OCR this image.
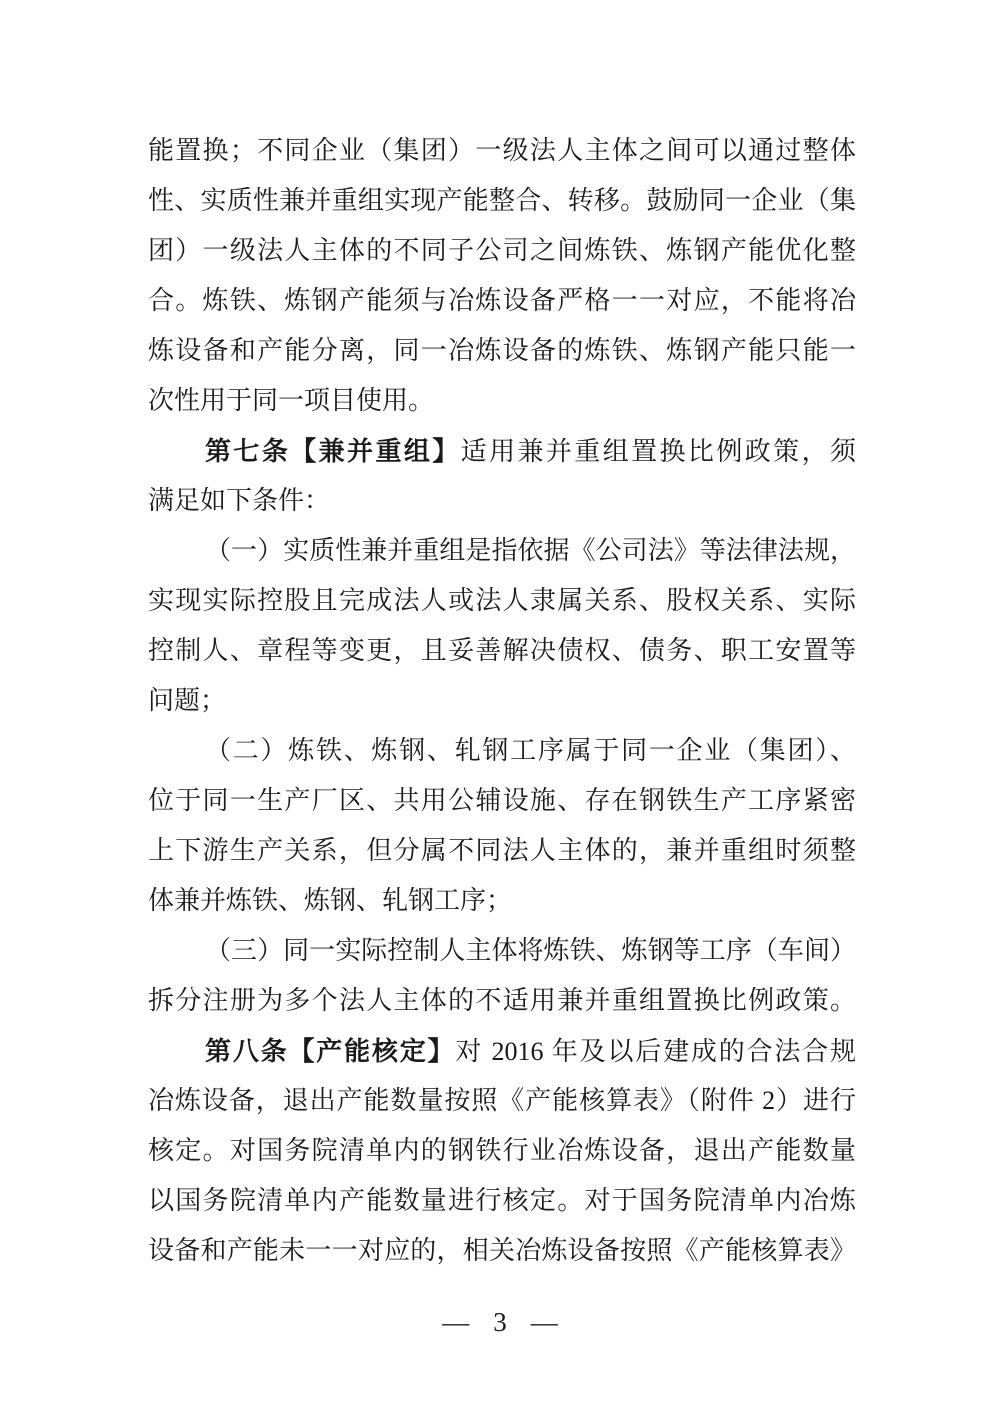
能置换；不同企业（集团）一级法人主体之间可以通过整体
性、实质性兼并重组实现产能整合、转移。鼓励同一企业（集
团）一级法人主体的不同子公司之间炼铁、炼钢产能优化整
合。炼铁、炼钢产能须与冶炼设备严格一一对应，不能将冶
炼设备和产能分离，同一冶炼设备的炼铁、炼钢产能只能一
次性用于同一项目使用。
第七条【兼并重组】适用兼并重组置换比例政策，须
满足如下条件：
（一）实质性兼并重组是指依据《公司法》等法律法规，
实现实际控股且完成法人或法人隶属关系、股权关系、实际
控制人、章程等变更，且妥善解决债权、债务、职工安置等
问题；
（二）炼铁、炼钢、轧钢工序属于同一企业（集团）、
位于同一生产厂区、共用公辅设施、存在钢铁生产工序紧密
上下游生产关系，但分属不同法人主体的，兼并重组时须整
体兼并炼铁、炼钢、轧钢工序；
（三）同一实际控制人主体将炼铁、炼钢等工序（车间）
拆分注册为多个法人主体的不适用兼并重组置换比例政策。
第八条【产能核定】对 2016 年及以后建成的合法合规
冶炼设备，退出产能数量按照《产能核算表》（附件 2）进行
核定。对国务院清单内的钢铁行业冶炼设备，退出产能数量
以国务院清单内产能数量进行核定。对于国务院清单内冶炼
设备和产能未一一对应的，相关冶炼设备按照《产能核算表》
— 3 —
